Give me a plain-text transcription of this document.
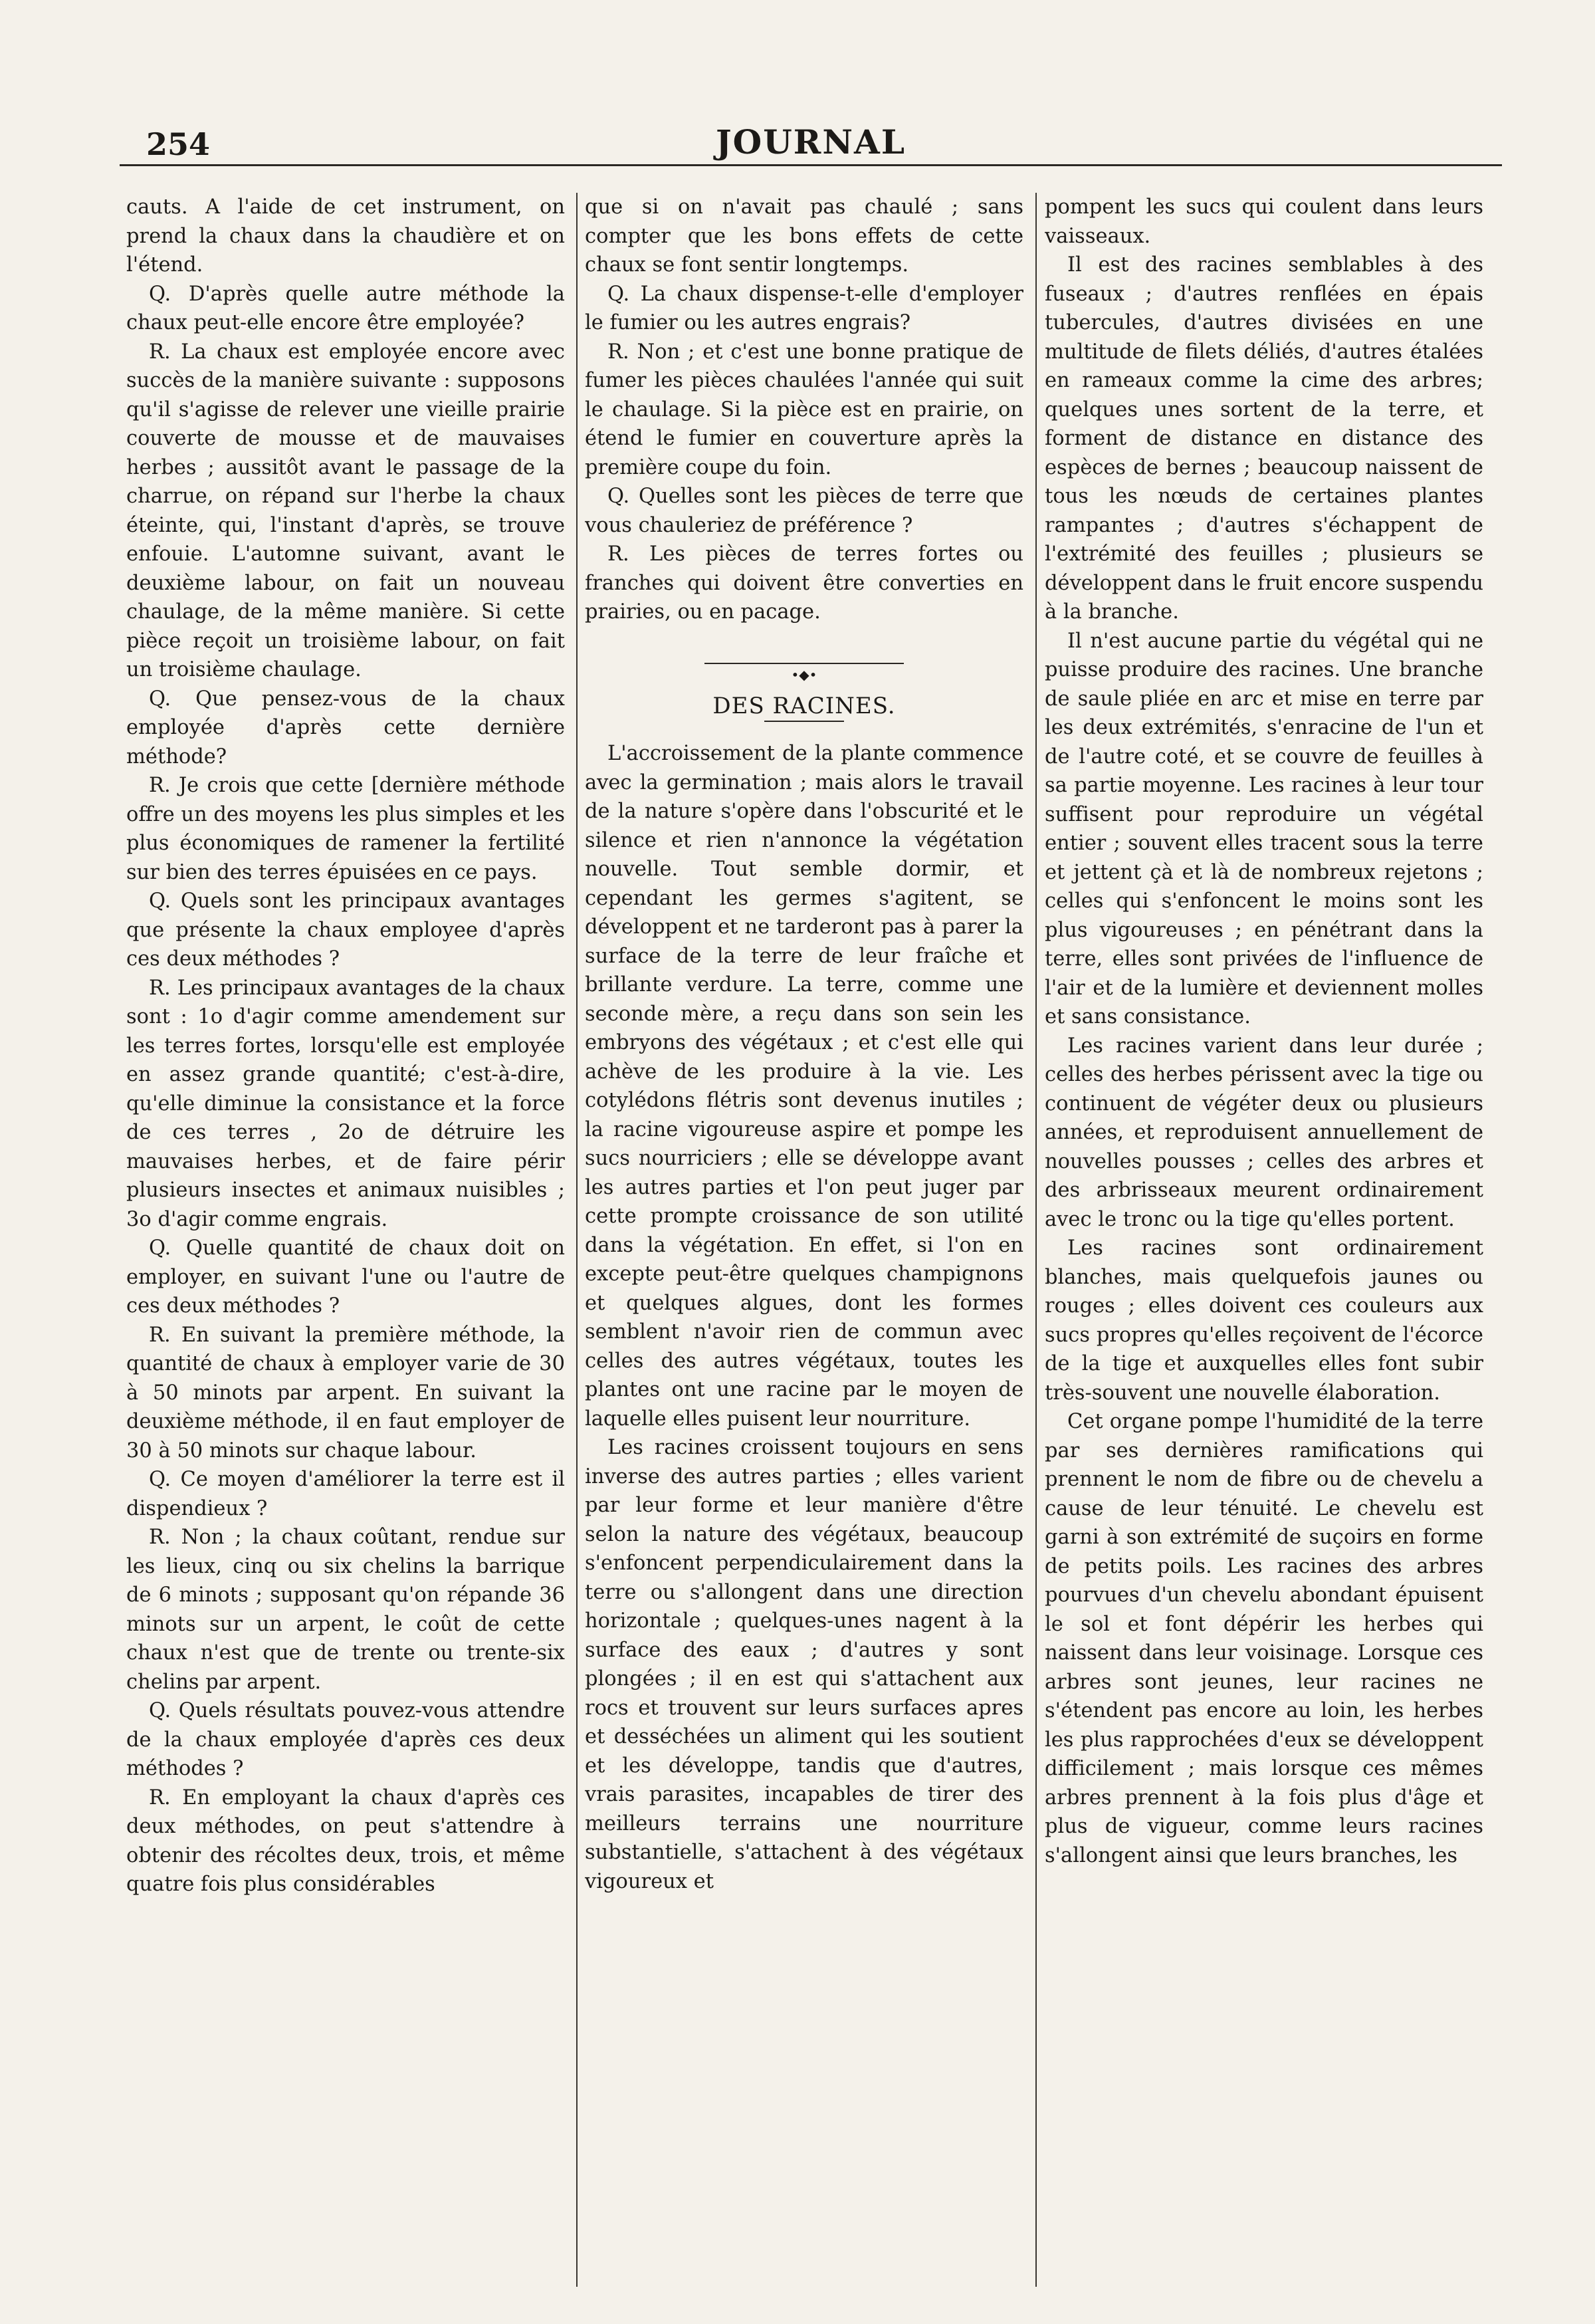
254	JOURNAL

cauts. A l'aide de cet instrument, on prend la chaux dans la chaudière et on l'étend.

Q. D'après quelle autre méthode la chaux peut-elle encore être employée?

R. La chaux est employée encore avec succès de la manière suivante : supposons qu'il s'agisse de relever une vieille prairie couverte de mousse et de mauvaises herbes ; aussitôt avant le passage de la charrue, on répand sur l'herbe la chaux éteinte, qui, l'instant d'après, se trouve enfouie. L'automne suivant, avant le deuxième labour, on fait un nouveau chaulage, de la même manière. Si cette pièce reçoit un troisième labour, on fait un troisième chaulage.

Q. Que pensez-vous de la chaux employée d'après cette dernière méthode?

R. Je crois que cette [dernière méthode offre un des moyens les plus simples et les plus économiques de ramener la fertilité sur bien des terres épuisées en ce pays.

Q. Quels sont les principaux avantages que présente la chaux employee d'après ces deux méthodes ?

R. Les principaux avantages de la chaux sont : 1o d'agir comme amendement sur les terres fortes, lorsqu'elle est employée en assez grande quantité; c'est-à-dire, qu'elle diminue la consistance et la force de ces terres , 2o de détruire les mauvaises herbes, et de faire périr plusieurs insectes et animaux nuisibles ; 3o d'agir comme engrais.

Q. Quelle quantité de chaux doit on employer, en suivant l'une ou l'autre de ces deux méthodes ?

R. En suivant la première méthode, la quantité de chaux à employer varie de 30 à 50 minots par arpent. En suivant la deuxième méthode, il en faut employer de 30 à 50 minots sur chaque labour.

Q. Ce moyen d'améliorer la terre est il dispendieux ?

R. Non ; la chaux coûtant, rendue sur les lieux, cinq ou six chelins la barrique de 6 minots ; supposant qu'on répande 36 minots sur un arpent, le coût de cette chaux n'est que de trente ou trente-six chelins par arpent.

Q. Quels résultats pouvez-vous attendre de la chaux employée d'après ces deux méthodes ?

R. En employant la chaux d'après ces deux méthodes, on peut s'attendre à obtenir des récoltes deux, trois, et même quatre fois plus considérables

que si on n'avait pas chaulé ; sans compter que les bons effets de cette chaux se font sentir longtemps.

Q. La chaux dispense-t-elle d'employer le fumier ou les autres engrais?

R. Non ; et c'est une bonne pratique de fumer les pièces chaulées l'année qui suit le chaulage. Si la pièce est en prairie, on étend le fumier en couverture après la première coupe du foin.

Q. Quelles sont les pièces de terre que vous chauleriez de préférence ?

R. Les pièces de terres fortes ou franches qui doivent être converties en prairies, ou en pacage.

•◆•

DES RACINES.

L'accroissement de la plante commence avec la germination ; mais alors le travail de la nature s'opère dans l'obscurité et le silence et rien n'annonce la végétation nouvelle. Tout semble dormir, et cependant les germes s'agitent, se développent et ne tarderont pas à parer la surface de la terre de leur fraîche et brillante verdure. La terre, comme une seconde mère, a reçu dans son sein les embryons des végétaux ; et c'est elle qui achève de les produire à la vie. Les cotylédons flétris sont devenus inutiles ; la racine vigoureuse aspire et pompe les sucs nourriciers ; elle se développe avant les autres parties et l'on peut juger par cette prompte croissance de son utilité dans la végétation. En effet, si l'on en excepte peut-être quelques champignons et quelques algues, dont les formes semblent n'avoir rien de commun avec celles des autres végétaux, toutes les plantes ont une racine par le moyen de laquelle elles puisent leur nourriture.

Les racines croissent toujours en sens inverse des autres parties ; elles varient par leur forme et leur manière d'être selon la nature des végétaux, beaucoup s'enfoncent perpendiculairement dans la terre ou s'allongent dans une direction horizontale ; quelques-unes nagent à la surface des eaux ; d'autres y sont plongées ; il en est qui s'attachent aux rocs et trouvent sur leurs surfaces apres et desséchées un aliment qui les soutient et les développe, tandis que d'autres, vrais parasites, incapables de tirer des meilleurs terrains une nourriture substantielle, s'attachent à des végétaux vigoureux et

pompent les sucs qui coulent dans leurs vaisseaux.

Il est des racines semblables à des fuseaux ; d'autres renflées en épais tubercules, d'autres divisées en une multitude de filets déliés, d'autres étalées en rameaux comme la cime des arbres; quelques unes sortent de la terre, et forment de distance en distance des espèces de bernes ; beaucoup naissent de tous les nœuds de certaines plantes rampantes ; d'autres s'échappent de l'extrémité des feuilles ; plusieurs se développent dans le fruit encore suspendu à la branche.

Il n'est aucune partie du végétal qui ne puisse produire des racines. Une branche de saule pliée en arc et mise en terre par les deux extrémités, s'enracine de l'un et de l'autre coté, et se couvre de feuilles à sa partie moyenne. Les racines à leur tour suffisent pour reproduire un végétal entier ; souvent elles tracent sous la terre et jettent çà et là de nombreux rejetons ; celles qui s'enfoncent le moins sont les plus vigoureuses ; en pénétrant dans la terre, elles sont privées de l'influence de l'air et de la lumière et deviennent molles et sans consistance.

Les racines varient dans leur durée ; celles des herbes périssent avec la tige ou continuent de végéter deux ou plusieurs années, et reproduisent annuellement de nouvelles pousses ; celles des arbres et des arbrisseaux meurent ordinairement avec le tronc ou la tige qu'elles portent.

Les racines sont ordinairement blanches, mais quelquefois jaunes ou rouges ; elles doivent ces couleurs aux sucs propres qu'elles reçoivent de l'écorce de la tige et auxquelles elles font subir très-souvent une nouvelle élaboration.

Cet organe pompe l'humidité de la terre par ses dernières ramifications qui prennent le nom de fibre ou de chevelu a cause de leur ténuité. Le chevelu est garni à son extrémité de suçoirs en forme de petits poils. Les racines des arbres pourvues d'un chevelu abondant épuisent le sol et font dépérir les herbes qui naissent dans leur voisinage. Lorsque ces arbres sont jeunes, leur racines ne s'étendent pas encore au loin, les herbes les plus rapprochées d'eux se développent difficilement ; mais lorsque ces mêmes arbres prennent à la fois plus d'âge et plus de vigueur, comme leurs racines s'allongent ainsi que leurs branches, les
